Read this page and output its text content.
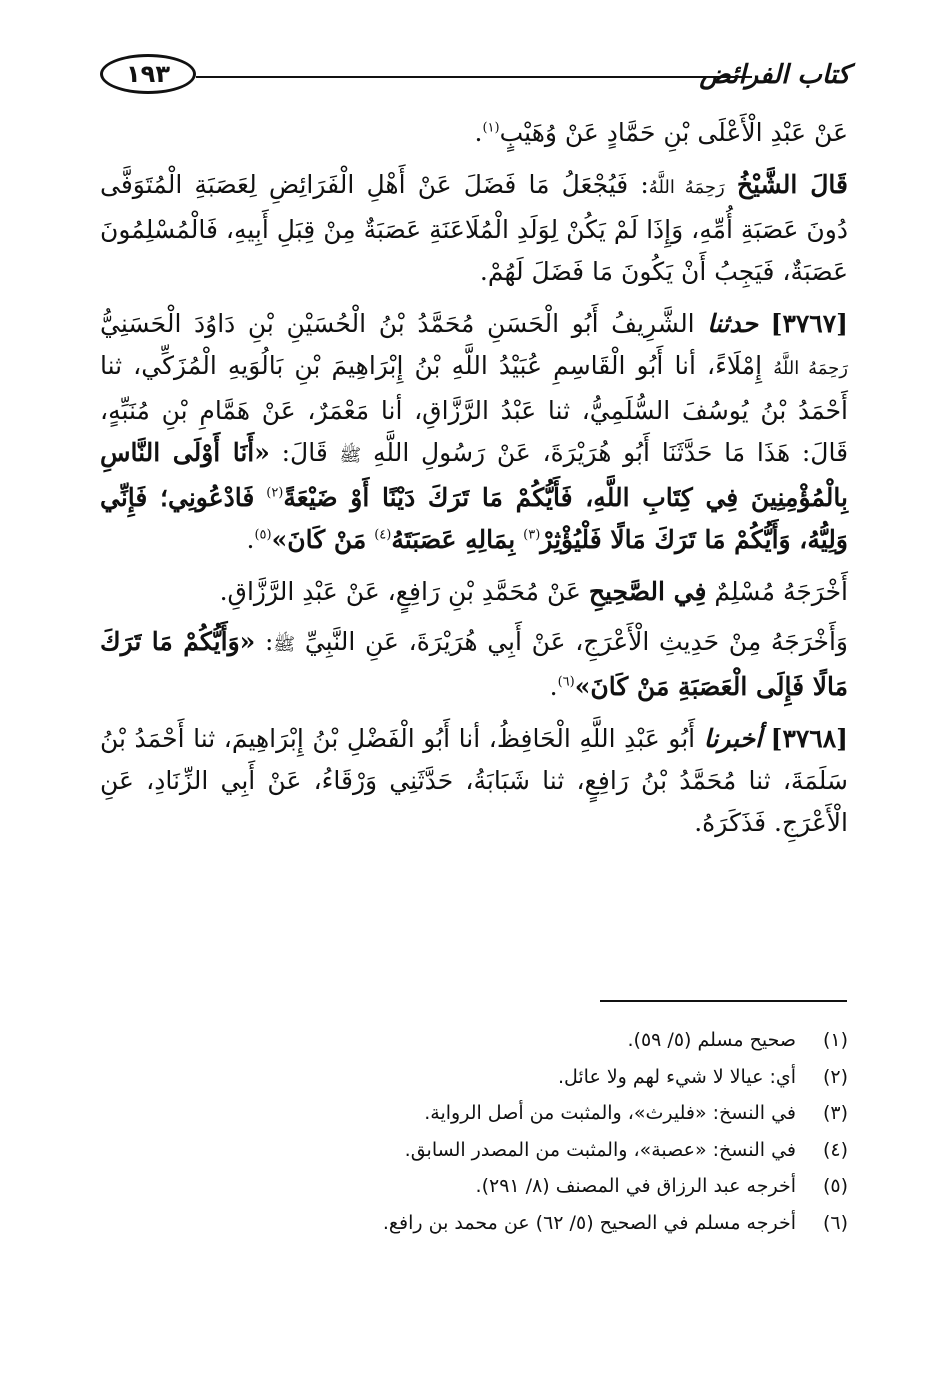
١٩٣	كتاب الفرائض

عَنْ عَبْدِ الْأَعْلَى بْنِ حَمَّادٍ عَنْ وُهَيْبٍ$^{(١)}$.

قَالَ الشَّيْخُ رَحِمَهُ اللَّهُ: فَيُجْعَلُ مَا فَضَلَ عَنْ أَهْلِ الْفَرَائِضِ لِعَصَبَةِ الْمُتَوَفَّى دُونَ عَصَبَةِ أُمِّهِ، وَإِذَا لَمْ يَكُنْ لِوَلَدِ الْمُلَاعَنَةِ عَصَبَةٌ مِنْ قِبَلِ أَبِيهِ، فَالْمُسْلِمُونَ عَصَبَةٌ، فَيَجِبُ أَنْ يَكُونَ مَا فَضَلَ لَهُمْ.

[٣٧٦٧] حدثنا الشَّرِيفُ أَبُو الْحَسَنِ مُحَمَّدُ بْنُ الْحُسَيْنِ بْنِ دَاوُدَ الْحَسَنِيُّ رَحِمَهُ اللَّهُ إِمْلَاءً، أنا أَبُو الْقَاسِمِ عُبَيْدُ اللَّهِ بْنُ إِبْرَاهِيمَ بْنِ بَالُوَيهِ الْمُزَكِّي، ثنا أَحْمَدُ بْنُ يُوسُفَ السُّلَمِيُّ، ثنا عَبْدُ الرَّزَّاقِ، أنا مَعْمَرٌ، عَنْ هَمَّامِ بْنِ مُنَبِّهٍ، قَالَ: هَذَا مَا حَدَّثَنَا أَبُو هُرَيْرَةَ، عَنْ رَسُولِ اللَّهِ ﷺ قَالَ: «أَنَا أَوْلَى النَّاسِ بِالْمُؤْمِنِينَ فِي كِتَابِ اللَّهِ، فَأَيُّكُمْ مَا تَرَكَ دَيْنًا أَوْ ضَيْعَةً$^{(٢)}$ فَادْعُونِي؛ فَإِنِّي وَلِيُّهُ، وَأَيُّكُمْ مَا تَرَكَ مَالًا فَلْيُؤْثِرْ$^{(٣)}$ بِمَالِهِ عَصَبَتَهُ$^{(٤)}$ مَنْ كَانَ»$^{(٥)}$.

أَخْرَجَهُ مُسْلِمٌ فِي الصَّحِيحِ عَنْ مُحَمَّدِ بْنِ رَافِعٍ، عَنْ عَبْدِ الرَّزَّاقِ.

وَأَخْرَجَهُ مِنْ حَدِيثِ الْأَعْرَجِ، عَنْ أَبِي هُرَيْرَةَ، عَنِ النَّبِيِّ ﷺ: «وَأَيُّكُمْ مَا تَرَكَ مَالًا فَإِلَى الْعَصَبَةِ مَنْ كَانَ»$^{(٦)}$.

[٣٧٦٨] أخبرنا أَبُو عَبْدِ اللَّهِ الْحَافِظُ، أنا أَبُو الْفَضْلِ بْنُ إِبْرَاهِيمَ، ثنا أَحْمَدُ بْنُ سَلَمَةَ، ثنا مُحَمَّدُ بْنُ رَافِعٍ، ثنا شَبَابَةُ، حَدَّثَنِي وَرْقَاءُ، عَنْ أَبِي الزِّنَادِ، عَنِ الْأَعْرَجِ. فَذَكَرَهُ.

(١)صحيح مسلم (٥/ ٥٩).
(٢)أي: عيالا لا شيء لهم ولا عائل.
(٣)في النسخ: «فليرث»، والمثبت من أصل الرواية.
(٤)في النسخ: «عصبة»، والمثبت من المصدر السابق.
(٥)أخرجه عبد الرزاق في المصنف (٨/ ٢٩١).
(٦)أخرجه مسلم في الصحيح (٥/ ٦٢) عن محمد بن رافع.
